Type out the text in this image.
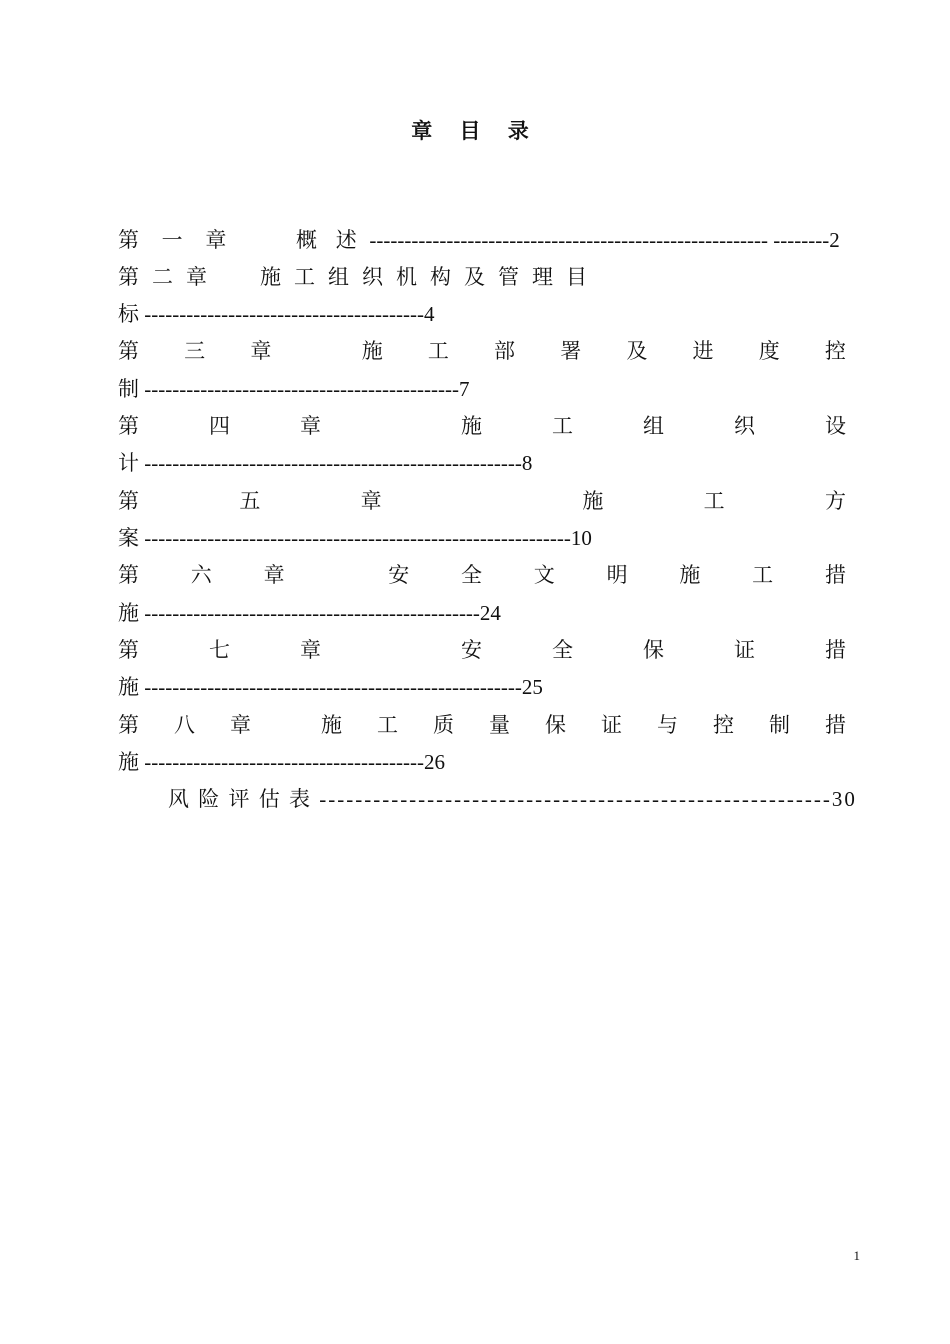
章 目 录
第 一 章	概 述 --------------------------------------------------------- --------2
第 二 章	施 工 组 织 机 构 及 管 理 目
标 ----------------------------------------4
第 三 章	施 工 部 署 及 进 度 控
制 ---------------------------------------------7
第	四	章	施	工	组	织	设
计 ------------------------------------------------------8
第	五	章	施	工	方
案 -------------------------------------------------------------10
第 六 章	安 全 文 明 施 工 措
施 ------------------------------------------------24
第	七	章	安	全	保	证	措
施 ------------------------------------------------------25
第 八 章	施 工 质 量 保 证 与 控 制 措
施 ----------------------------------------26
风 险 评 估 表 ---------------------------------------------------------30
1
